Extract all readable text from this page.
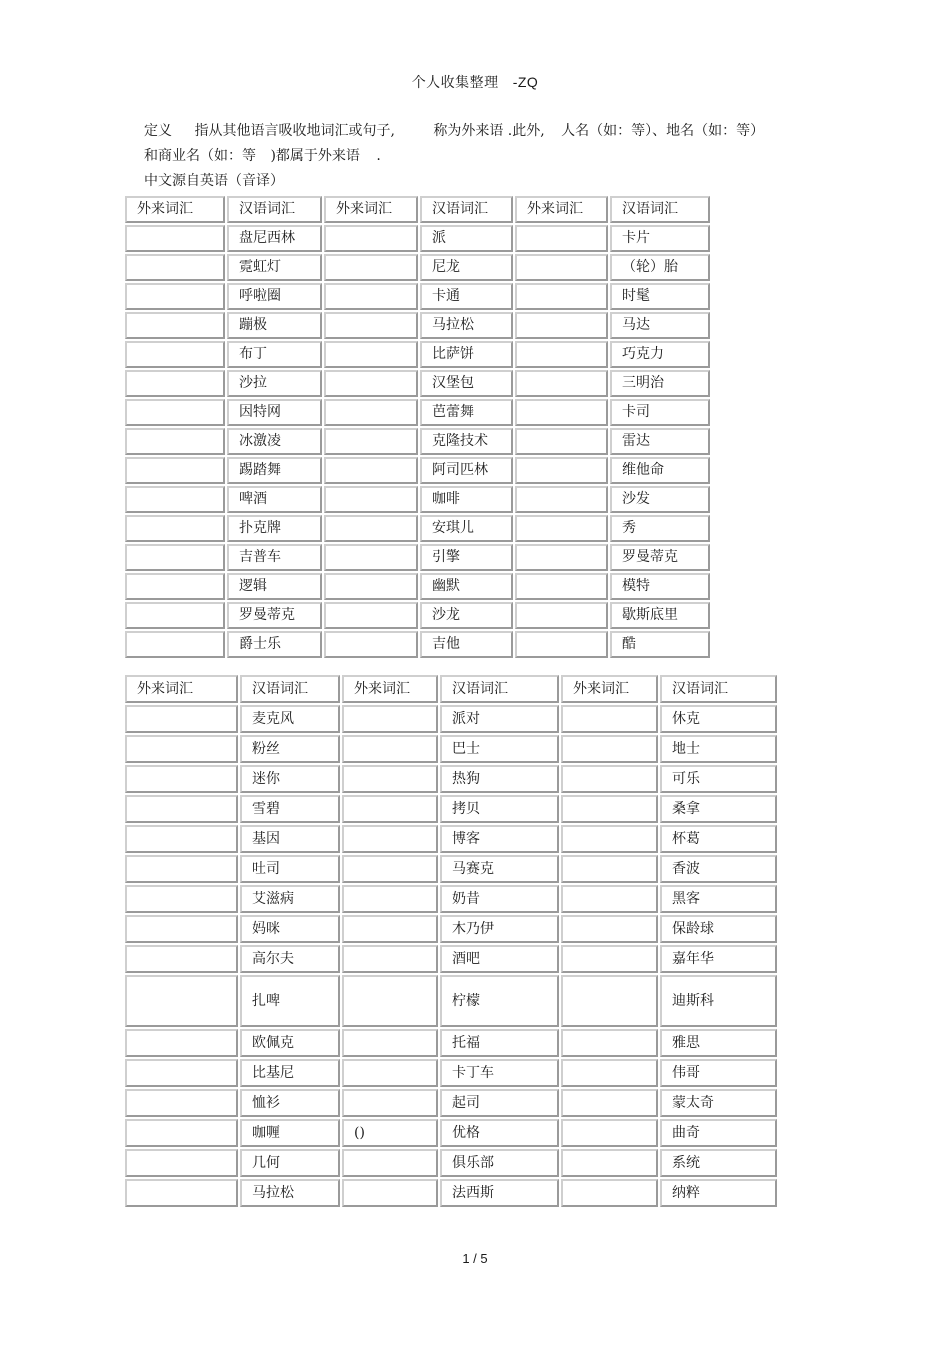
个人收集整理 -ZQ
定义 指从其他语言吸收地词汇或句子,	称为外来语 .此外, 人名（如：等）、地名（如：等）
和商业名（如：等 )都属于外来语 .
中文源自英语（音译）
外来词汇	汉语词汇	外来词汇	汉语词汇	外来词汇	汉语词汇
	盘尼西林		派		卡片
	霓虹灯		尼龙		（轮）胎
	呼啦圈		卡通		时髦
	蹦极		马拉松		马达
	布丁		比萨饼		巧克力
	沙拉		汉堡包		三明治
	因特网		芭蕾舞		卡司
	冰激凌		克隆技术		雷达
	踢踏舞		阿司匹林		维他命
	啤酒		咖啡		沙发
	扑克牌		安琪儿		秀
	吉普车		引擎		罗曼蒂克
	逻辑		幽默		模特
	罗曼蒂克		沙龙		歇斯底里
	爵士乐		吉他		酷
外来词汇	汉语词汇	外来词汇	汉语词汇	外来词汇	汉语词汇
	麦克风		派对		休克
	粉丝		巴士		地士
	迷你		热狗		可乐
	雪碧		拷贝		桑拿
	基因		博客		杯葛
	吐司		马赛克		香波
	艾滋病		奶昔		黑客
	妈咪		木乃伊		保龄球
	高尔夫		酒吧		嘉年华
	扎啤		柠檬		迪斯科
	欧佩克		托福		雅思
	比基尼		卡丁车		伟哥
	恤衫		起司		蒙太奇
	咖喱	()	优格		曲奇
	几何		俱乐部		系统
	马拉松		法西斯		纳粹
1 / 5
